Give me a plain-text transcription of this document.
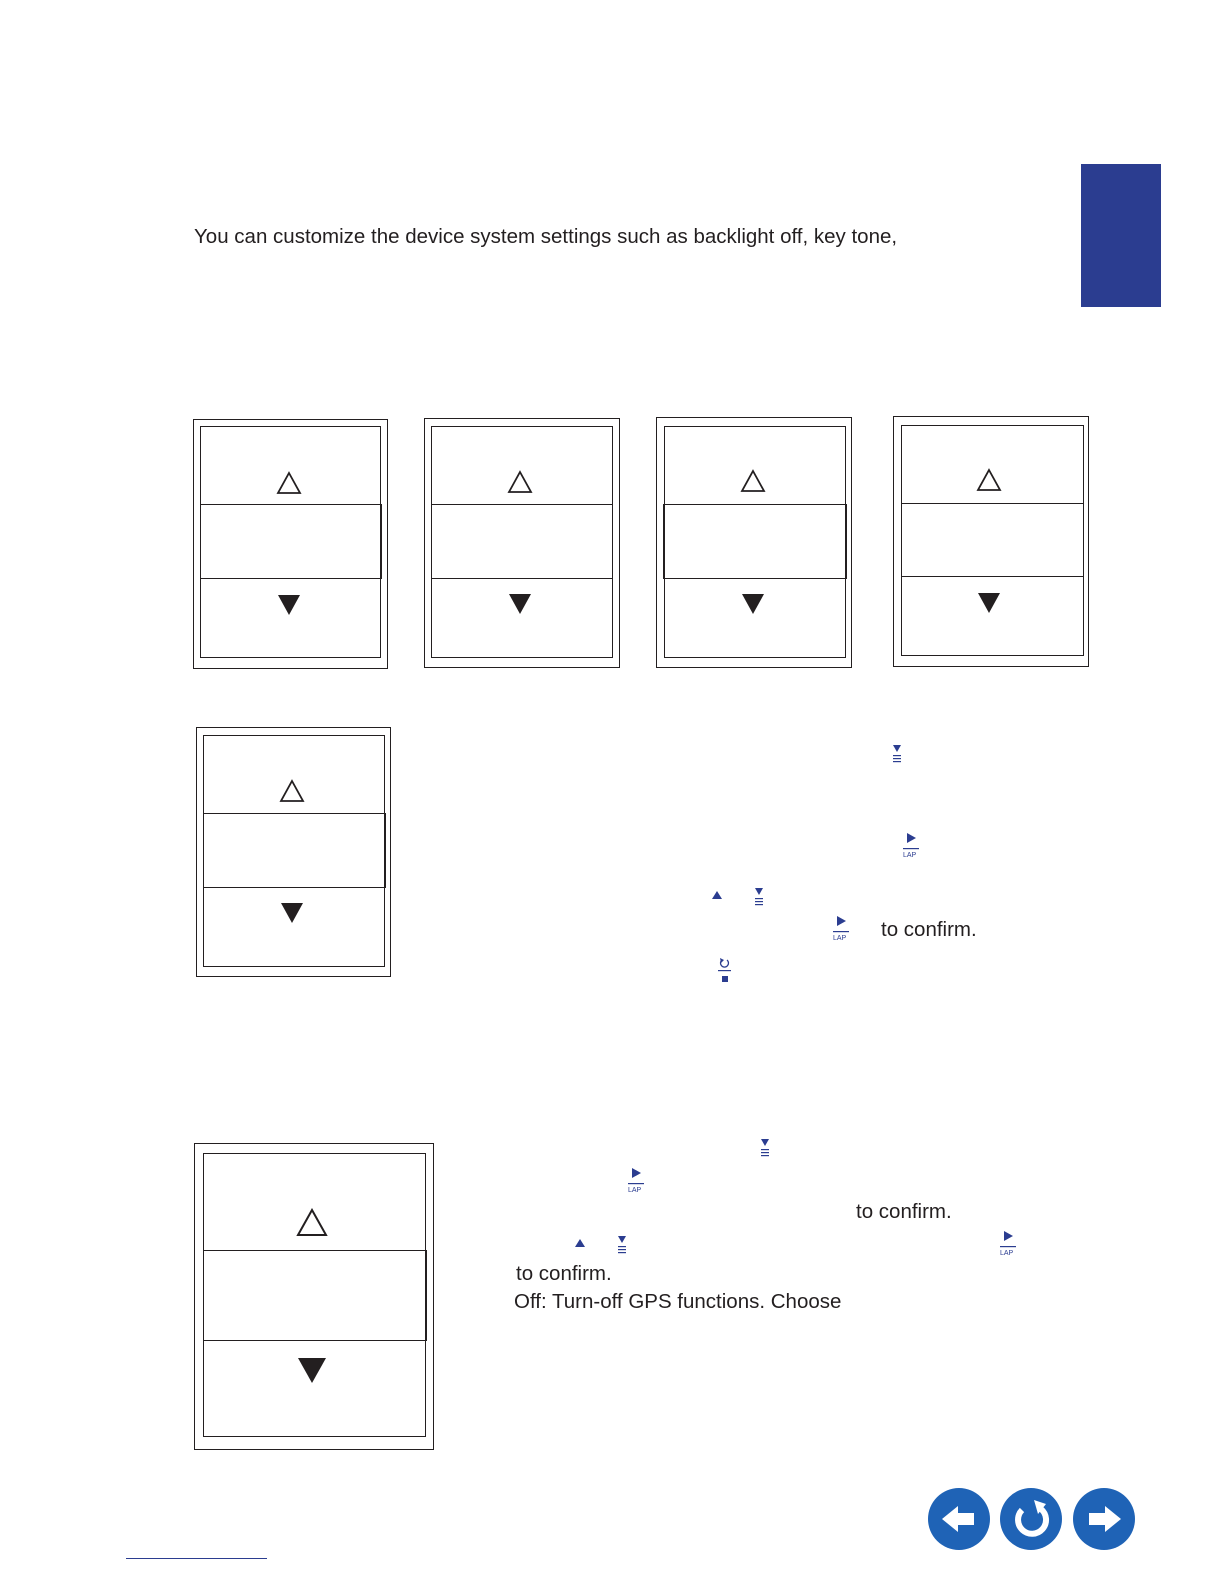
You can customize the device system settings such as backlight off, key tone,
LAP
LAP to confirm.
LAP
to confirm.
LAP
to confirm.
Off: Turn-off GPS functions. Choose
